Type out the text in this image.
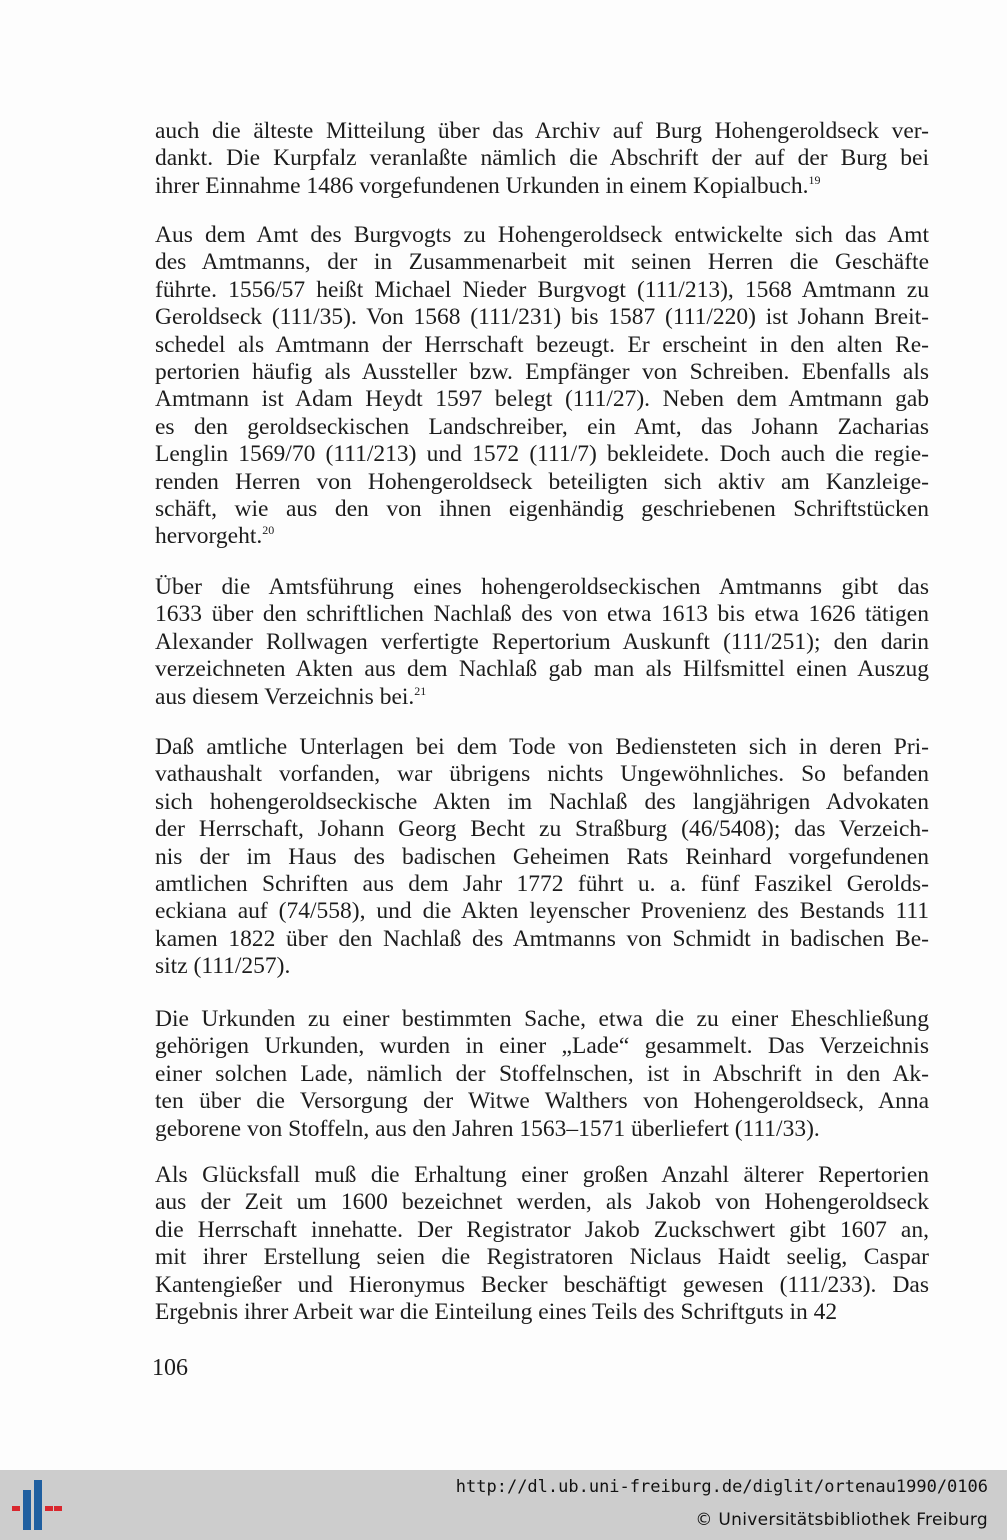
auch die älteste Mitteilung über das Archiv auf Burg Hohengeroldseck ver-
dankt. Die Kurpfalz veranlaßte nämlich die Abschrift der auf der Burg bei
ihrer Einnahme 1486 vorgefundenen Urkunden in einem Kopialbuch.$^{19}$
Aus dem Amt des Burgvogts zu Hohengeroldseck entwickelte sich das Amt
des Amtmanns, der in Zusammenarbeit mit seinen Herren die Geschäfte
führte. 1556/57 heißt Michael Nieder Burgvogt (111/213), 1568 Amtmann zu
Geroldseck (111/35). Von 1568 (111/231) bis 1587 (111/220) ist Johann Breit-
schedel als Amtmann der Herrschaft bezeugt. Er erscheint in den alten Re-
pertorien häufig als Aussteller bzw. Empfänger von Schreiben. Ebenfalls als
Amtmann ist Adam Heydt 1597 belegt (111/27). Neben dem Amtmann gab
es den geroldseckischen Landschreiber, ein Amt, das Johann Zacharias
Lenglin 1569/70 (111/213) und 1572 (111/7) bekleidete. Doch auch die regie-
renden Herren von Hohengeroldseck beteiligten sich aktiv am Kanzleige-
schäft, wie aus den von ihnen eigenhändig geschriebenen Schriftstücken
hervorgeht.$^{20}$
Über die Amtsführung eines hohengeroldseckischen Amtmanns gibt das
1633 über den schriftlichen Nachlaß des von etwa 1613 bis etwa 1626 tätigen
Alexander Rollwagen verfertigte Repertorium Auskunft (111/251); den darin
verzeichneten Akten aus dem Nachlaß gab man als Hilfsmittel einen Auszug
aus diesem Verzeichnis bei.$^{21}$
Daß amtliche Unterlagen bei dem Tode von Bediensteten sich in deren Pri-
vathaushalt vorfanden, war übrigens nichts Ungewöhnliches. So befanden
sich hohengeroldseckische Akten im Nachlaß des langjährigen Advokaten
der Herrschaft, Johann Georg Becht zu Straßburg (46/5408); das Verzeich-
nis der im Haus des badischen Geheimen Rats Reinhard vorgefundenen
amtlichen Schriften aus dem Jahr 1772 führt u. a. fünf Faszikel Gerolds-
eckiana auf (74/558), und die Akten leyenscher Provenienz des Bestands 111
kamen 1822 über den Nachlaß des Amtmanns von Schmidt in badischen Be-
sitz (111/257).
Die Urkunden zu einer bestimmten Sache, etwa die zu einer Eheschließung
gehörigen Urkunden, wurden in einer „Lade“ gesammelt. Das Verzeichnis
einer solchen Lade, nämlich der Stoffelnschen, ist in Abschrift in den Ak-
ten über die Versorgung der Witwe Walthers von Hohengeroldseck, Anna
geborene von Stoffeln, aus den Jahren 1563–1571 überliefert (111/33).
Als Glücksfall muß die Erhaltung einer großen Anzahl älterer Repertorien
aus der Zeit um 1600 bezeichnet werden, als Jakob von Hohengeroldseck
die Herrschaft innehatte. Der Registrator Jakob Zuckschwert gibt 1607 an,
mit ihrer Erstellung seien die Registratoren Niclaus Haidt seelig, Caspar
Kantengießer und Hieronymus Becker beschäftigt gewesen (111/233). Das
Ergebnis ihrer Arbeit war die Einteilung eines Teils des Schriftguts in 42
106
http://dl.ub.uni-freiburg.de/diglit/ortenau1990/0106
© Universitätsbibliothek Freiburg
